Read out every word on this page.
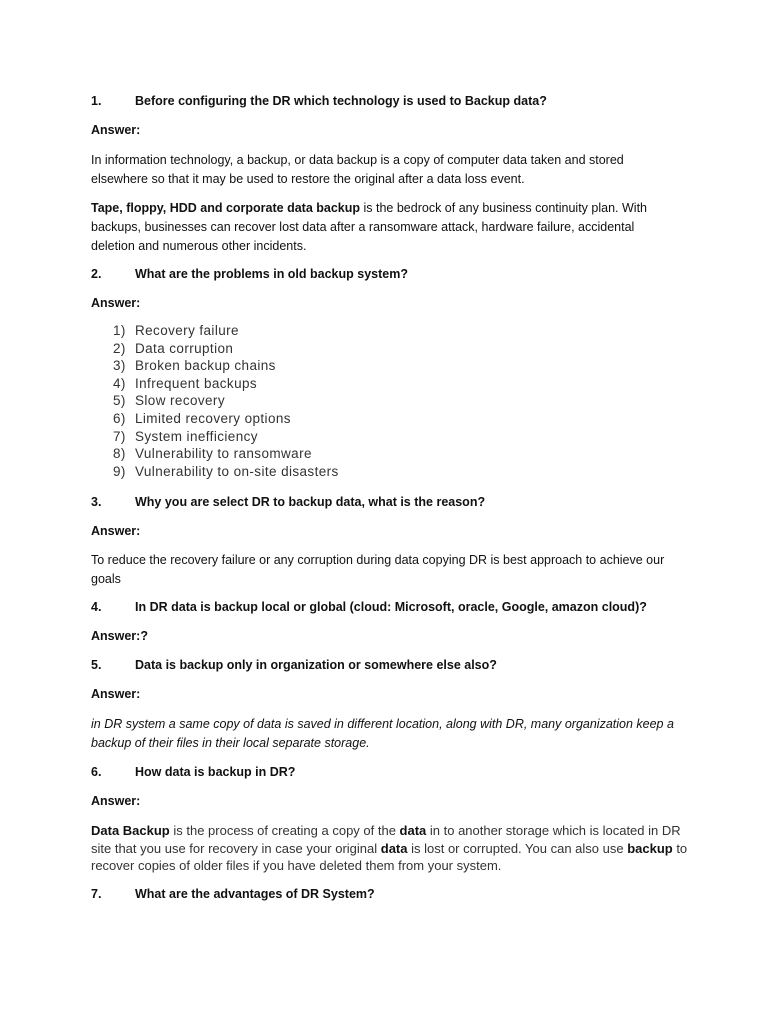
1.	Before configuring the DR which technology is used to Backup data?
Answer:
In information technology, a backup, or data backup is a copy of computer data taken and stored elsewhere so that it may be used to restore the original after a data loss event.
Tape, floppy, HDD and corporate data backup is the bedrock of any business continuity plan. With backups, businesses can recover lost data after a ransomware attack, hardware failure, accidental deletion and numerous other incidents.
2.	What are the problems in old backup system?
Answer:
1) Recovery failure
2) Data corruption
3) Broken backup chains
4) Infrequent backups
5) Slow recovery
6) Limited recovery options
7) System inefficiency
8) Vulnerability to ransomware
9) Vulnerability to on-site disasters
3.	Why you are select DR to backup data, what is the reason?
Answer:
To reduce the recovery failure or any corruption during data copying DR is best approach to achieve our goals
4.	In DR data is backup local or global (cloud: Microsoft, oracle, Google, amazon cloud)?
Answer:?
5.	Data is backup only in organization or somewhere else also?
Answer:
in DR system a same copy of data is saved in different location, along with DR, many organization keep a backup of their files in their local separate storage.
6.	How data is backup in DR?
Answer:
Data Backup is the process of creating a copy of the data in to another storage which is located in DR site that you use for recovery in case your original data is lost or corrupted. You can also use backup to recover copies of older files if you have deleted them from your system.
7.	What are the advantages of DR System?
